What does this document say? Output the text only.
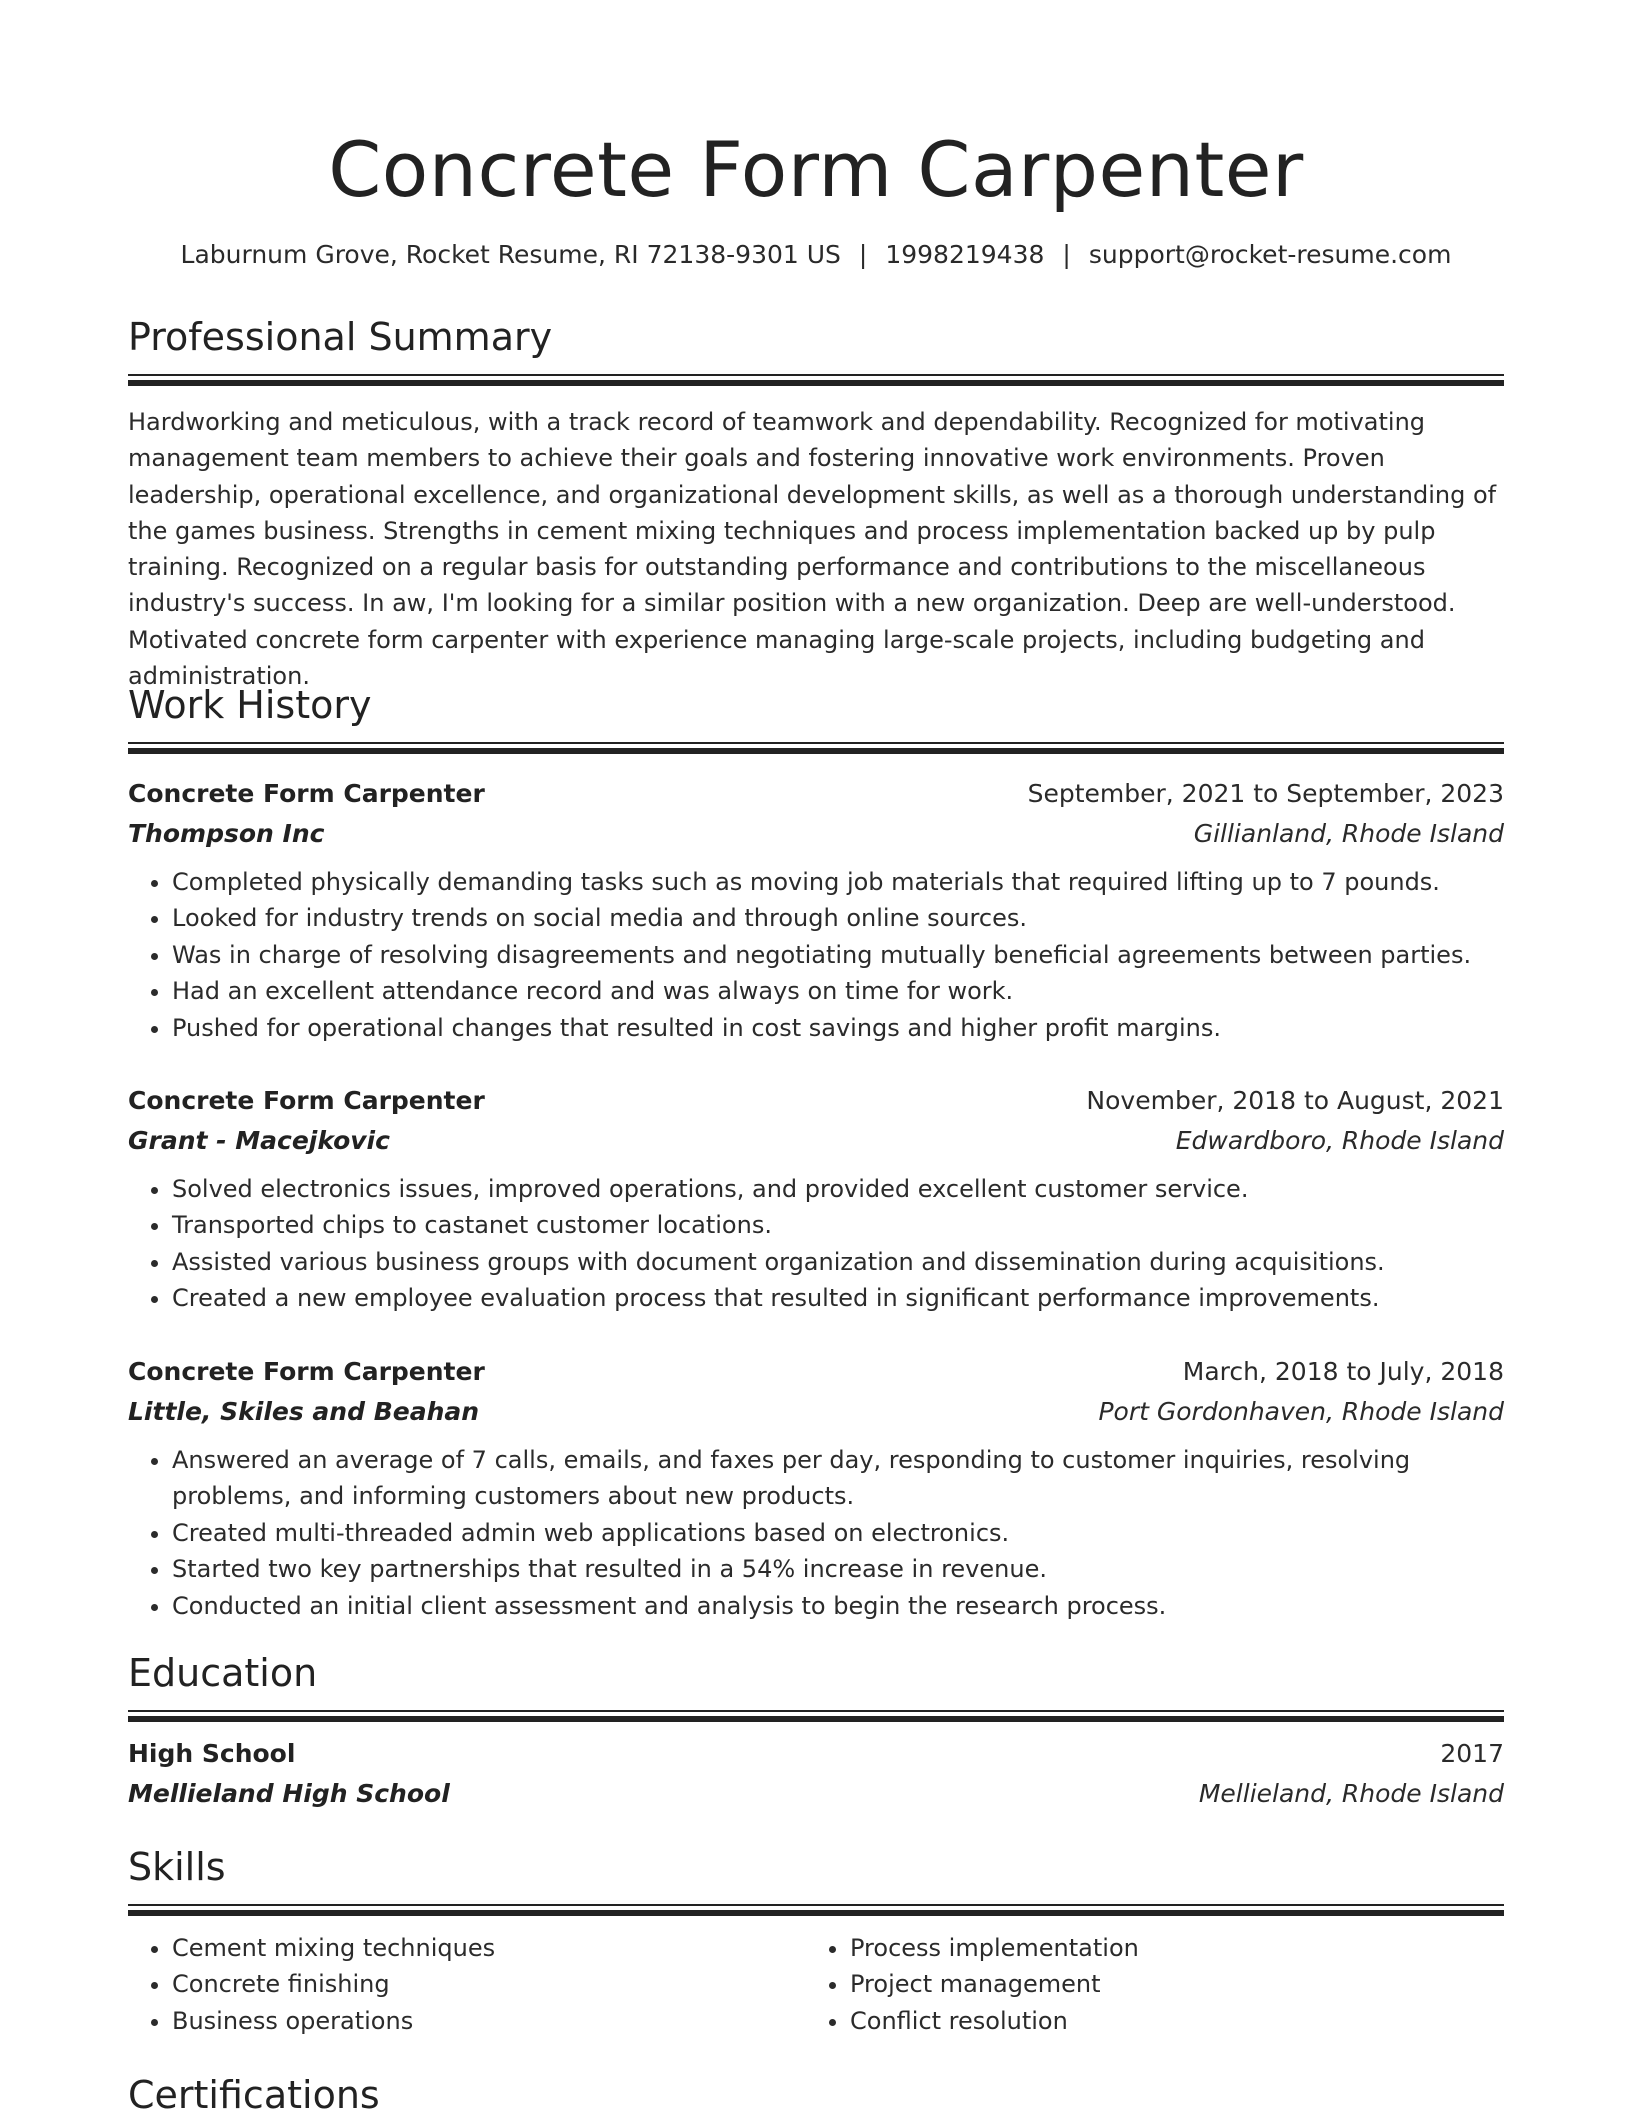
Concrete Form Carpenter
Laburnum Grove, Rocket Resume, RI 72138-9301 US | 1998219438 | support@rocket-resume.com
Professional Summary

Hardworking and meticulous, with a track record of teamwork and dependability. Recognized for motivating management team members to achieve their goals and fostering innovative work environments. Proven leadership, operational excellence, and organizational development skills, as well as a thorough understanding of the games business. Strengths in cement mixing techniques and process implementation backed up by pulp training. Recognized on a regular basis for outstanding performance and contributions to the miscellaneous industry's success. In aw, I'm looking for a similar position with a new organization. Deep are well-understood. Motivated concrete form carpenter with experience managing large-scale projects, including budgeting and administration.

Work History
Concrete Form Carpenter	September, 2021 to September, 2023
Thompson Inc	Gillianland, Rhode Island
• Completed physically demanding tasks such as moving job materials that required lifting up to 7 pounds.
• Looked for industry trends on social media and through online sources.
• Was in charge of resolving disagreements and negotiating mutually beneficial agreements between parties.
• Had an excellent attendance record and was always on time for work.
• Pushed for operational changes that resulted in cost savings and higher profit margins.
Concrete Form Carpenter	November, 2018 to August, 2021
Grant - Macejkovic	Edwardboro, Rhode Island
• Solved electronics issues, improved operations, and provided excellent customer service.
• Transported chips to castanet customer locations.
• Assisted various business groups with document organization and dissemination during acquisitions.
• Created a new employee evaluation process that resulted in significant performance improvements.
Concrete Form Carpenter	March, 2018 to July, 2018
Little, Skiles and Beahan	Port Gordonhaven, Rhode Island
• Answered an average of 7 calls, emails, and faxes per day, responding to customer inquiries, resolving problems, and informing customers about new products.
• Created multi-threaded admin web applications based on electronics.
• Started two key partnerships that resulted in a 54% increase in revenue.
• Conducted an initial client assessment and analysis to begin the research process.
Education
High School	2017
Mellieland High School	Mellieland, Rhode Island
Skills
• Cement mixing techniques
• Concrete finishing
• Business operations
• Process implementation
• Project management
• Conflict resolution
Certifications
